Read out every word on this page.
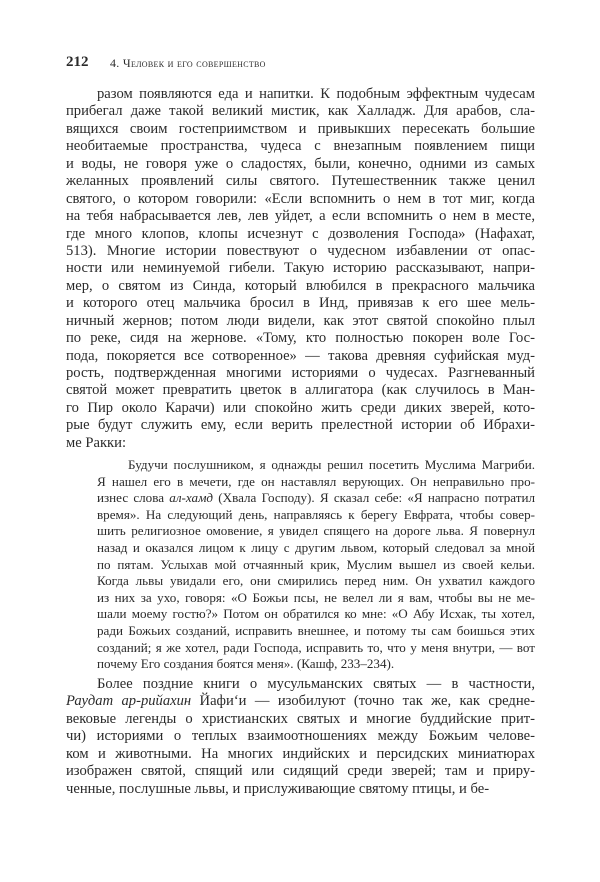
212 4. Человек и его совершенство
разом появляются еда и напитки. К подобным эффектным чудесам
прибегал даже такой великий мистик, как Халладж. Для арабов, сла-
вящихся своим гостеприимством и привыкших пересекать большие
необитаемые пространства, чудеса с внезапным появлением пищи
и воды, не говоря уже о сладостях, были, конечно, одними из самых
желанных проявлений силы святого. Путешественник также ценил
святого, о котором говорили: «Если вспомнить о нем в тот миг, когда
на тебя набрасывается лев, лев уйдет, а если вспомнить о нем в месте,
где много клопов, клопы исчезнут с дозволения Господа» (Нафахат,
513). Многие истории повествуют о чудесном избавлении от опас-
ности или неминуемой гибели. Такую историю рассказывают, напри-
мер, о святом из Синда, который влюбился в прекрасного мальчика
и которого отец мальчика бросил в Инд, привязав к его шее мель-
ничный жернов; потом люди видели, как этот святой спокойно плыл
по реке, сидя на жернове. «Тому, кто полностью покорен воле Гос-
пода, покоряется все сотворенное» — такова древняя суфийская муд-
рость, подтвержденная многими историями о чудесах. Разгневанный
святой может превратить цветок в аллигатора (как случилось в Ман-
го Пир около Карачи) или спокойно жить среди диких зверей, кото-
рые будут служить ему, если верить прелестной истории об Ибрахи-
ме Ракки:
Будучи послушником, я однажды решил посетить Муслима Магриби.
Я нашел его в мечети, где он наставлял верующих. Он неправильно про-
изнес слова ал-хамд (Хвала Господу). Я сказал себе: «Я напрасно потратил
время». На следующий день, направляясь к берегу Евфрата, чтобы совер-
шить религиозное омовение, я увидел спящего на дороге льва. Я повернул
назад и оказался лицом к лицу с другим львом, который следовал за мной
по пятам. Услыхав мой отчаянный крик, Муслим вышел из своей кельи.
Когда львы увидали его, они смирились перед ним. Он ухватил каждого
из них за ухо, говоря: «О Божьи псы, не велел ли я вам, чтобы вы не ме-
шали моему гостю?» Потом он обратился ко мне: «О Абу Исхак, ты хотел,
ради Божьих созданий, исправить внешнее, и потому ты сам боишься этих
созданий; я же хотел, ради Господа, исправить то, что у меня внутри, — вот
почему Его создания боятся меня». (Кашф, 233–234).
Более поздние книги о мусульманских святых — в частности,
Раудат ар-рийахин Йафи‘и — изобилуют (точно так же, как средне-
вековые легенды о христианских святых и многие буддийские прит-
чи) историями о теплых взаимоотношениях между Божьим челове-
ком и животными. На многих индийских и персидских миниатюрах
изображен святой, спящий или сидящий среди зверей; там и приру-
ченные, послушные львы, и прислуживающие святому птицы, и бе-
